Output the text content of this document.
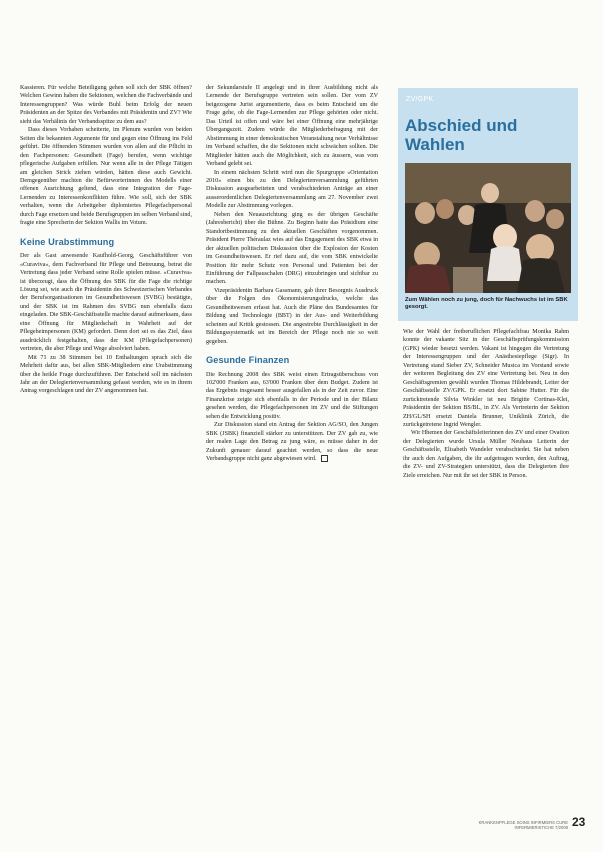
Kassieren. Für welche Beteiligung gehen soll sich der SBK öffnen? Welchen Gewinn haben die Sektionen, welchen die Fachverbände und Interessengruppen? Was würde Buhl beim Erfolg der neuen Präsidenten an der Spitze des Verbandes mit Präsidentin und ZV? Wie sieht das Verhältnis der Verbandsspitze zu dem aus?

Dass dieses Vorhaben scheiterte, im Plenum wurden von beiden Seiten die bekannten Argumente für und gegen eine Öffnung ins Feld geführt. Die öffnenden Stimmen wurden von allen auf die Pflicht in den Fachpersonen: Gesundheit (Fage) berufen, wenn wichtige pflegerische Aufgaben erfüllen. Nur wenn alle in der Pflege Tätigen am gleichen Strick ziehen würden, hätten diese auch Gewicht. Demgegenüber machten die Befürworterinnen des Modells einer offenen Ausrichtung geltend, dass eine Integration der Fage-Lernenden zu Interessenkonflikten führe. Wie soll, sich der SBK verhalten, wenn die Arbeitgeber diplomiertes Pflegefachpersonal durch Fage ersetzen und beide Berufsgruppen im selben Verband sind, fragte eine Sprecherin der Sektion Wallis im Votum.

Keine Urabstimmung

Der als Gast anwesende Kaufhold-Georg, Geschäftsführer von «Curaviva», dem Fachverband für Pflege und Betreuung, betrat die Vertretung dass jeder Verband seine Rolle spielen müsse. «Curaviva» ist überzeugt, dass die Öffnung des SBK für die Fage die richtige Lösung sei, wie auch die Präsidentin des Schweizerischen Verbandes der Berufsorganisationen im Gesundheitswesen (SVBG) bestätigte, und der SBK ist im Rahmen des SVBG nun ebenfalls dazu eingeladen. Die SBK-Geschäftsstelle machte darauf aufmerksam, dass eine Öffnung für Mitgliedschaft in Wahrheit auf der Pflegeheimpersonen (KM) gefordert. Denn dort sei es das Ziel, dass ausdrücklich festgehalten, dass der KM (Pflegefachpersonen) vertreten, die aber Pflege und Wege absolviert haben.

Mit 71 zu 38 Stimmen bei 10 Enthaltungen sprach sich die Mehrheit dafür aus, bei allen SBK-Mitgliedern eine Urabstimmung über die heikle Frage durchzuführen. Der Entscheid soll im nächsten Jahr an der Delegiertenversammlung gefasst werden, wie es in ihrem Antrag vorgeschlagen und der ZV angenommen hat.

der Sekundarstufe II angelegt und in ihrer Ausbildung nicht als Lernende der Berufsgruppe vertreten sein sollen. Der vom ZV beigezogene Jurist argumentierte, dass es beim Entscheid um die Frage gehe, ob die Fage-Lernenden zur Pflege gehörten oder nicht. Das Urteil ist offen und wäre bei einer Öffnung eine mehrjährige Übergangszeit. Zudem würde die Mitgliederbefragung mit der Abstimmung in einer demokratischen Veranstaltung neue Verhältnisse im Verband schaffen, die die Sektionen nicht schwächen sollten. Die Mitglieder hätten auch die Möglichkeit, sich zu äussern, was vom Verband gelebt sei.

In einem nächsten Schritt wird nun die Spurgruppe «Orientation 2010» einen bis zu den Delegiertenversammlung geführten Diskussion ausgearbeiteten und verabschiedeten Anträge an einer ausserordentlichen Delegiertenversammlung am 27. November zwei Modelle zur Abstimmung vorlegen.

Neben den Neuausrichtung ging es der übrigen Geschäfte (Jahresbericht) über die Bühne. Zu Beginn hatte das Präsidium eine Standortbestimmung zu den aktuellen Geschäften vorgenommen. Präsident Pierre Théraulaz wies auf das Engagement des SBK etwa in der aktuellen politischen Diskussion über die Explosion der Kosten im Gesundheitswesen. Er rief dazu auf, die vom SBK entwickelte Position für mehr Schutz von Personal und Patienten bei der Einführung der Fallpauschalen (DRG) einzubringen und sichtbar zu machen.

Vizepräsidentin Barbara Gassmann, gab ihrer Besorgnis Ausdruck über die Folgen des Ökonomisierungsdrucks, welche das Gesundheitswesen erfasst hat. Auch die Pläne des Bundesamtes für Bildung und Technologie (BBT) in der Aus- und Weiterbildung scheinen auf Kritik gestossen. Die angestrebte Durchlässigkeit in der Bildungssystematik sei im Bereich der Pflege noch nie so weit gegeben.

Gesunde Finanzen

Die Rechnung 2008 des SBK weist einen Ertragsüberschuss von 102'000 Franken aus, 63'000 Franken über dem Budget. Zudem ist das Ergebnis insgesamt besser ausgefallen als in der Zeit zuvor. Eine Finanzkrise zeigte sich ebenfalls in der Periode und in der Bilanz gesehen werden, die Pflegefachpersonen im ZV und die Stiftungen sehen die Entwicklung positiv.

Zur Diskussion stand ein Antrag der Sektion AG/SO, den Jungen SBK (JSBK) finanziell stärker zu unterstützen. Der ZV gab zu, wie der realen Lage den Betrag zu jung wäre, es müsse daher in der Zukunft genauer darauf geachtet werden, so dass die neue Verbandsgruppe nicht ganz abgewiesen wird.

ZV/GPK
Abschied und Wahlen
Zum Wählen noch zu jung, doch für Nachwuchs ist im SBK gesorgt.

Wie der Wahl der freiberuflichen Pflegefachfrau Monika Rahm konnte der vakante Sitz in der Geschäftsprüfungskommission (GPK) wieder besetzt werden. Vakant ist hingegen die Vertretung der Interessengruppen und der Anästhesiepflege (Sigr). In Vertretung stand Sieber ZV, Schneider Musica im Vorstand sowie der weiteren Begleitung des ZV eine Vertretung bei. Neu in den Geschäftsgremien gewählt wurden Thomas Hildebrandt, Leiter der Geschäftsstelle ZV/GPK. Er ersetzt dort Sabine Hutter. Für die zurücktretende Silvia Winkler ist neu Brigitte Cortinas-Klei, Präsidentin der Sektion BS/BL, in ZV. Als Vertreterin der Sektion ZH/GL/SH ersetzt Daniela Brunner, Uniklinik Zürich, die zurückgetretene Ingrid Wengler.

Wir Hhemen der Geschäftsleiterinnen des ZV und einer Ovation der Delegierten wurde Ursula Müller Neuhaus Leiterin der Geschäftsstelle, Elisabeth Wandeler verabschiedet. Sie hat neben ihr auch den Aufgaben, die ihr aufgetragen wurden, den Auftrag, die ZV- und ZV-Strategien unterstützt, dass die Delegierten ihre Ziele erreichen. Nur mit ihr sei der SBK in Person.

KRANKENPFLEGE SOINS INFIRMIERS CURE INFERMIERISTICHE 7/2009 23
